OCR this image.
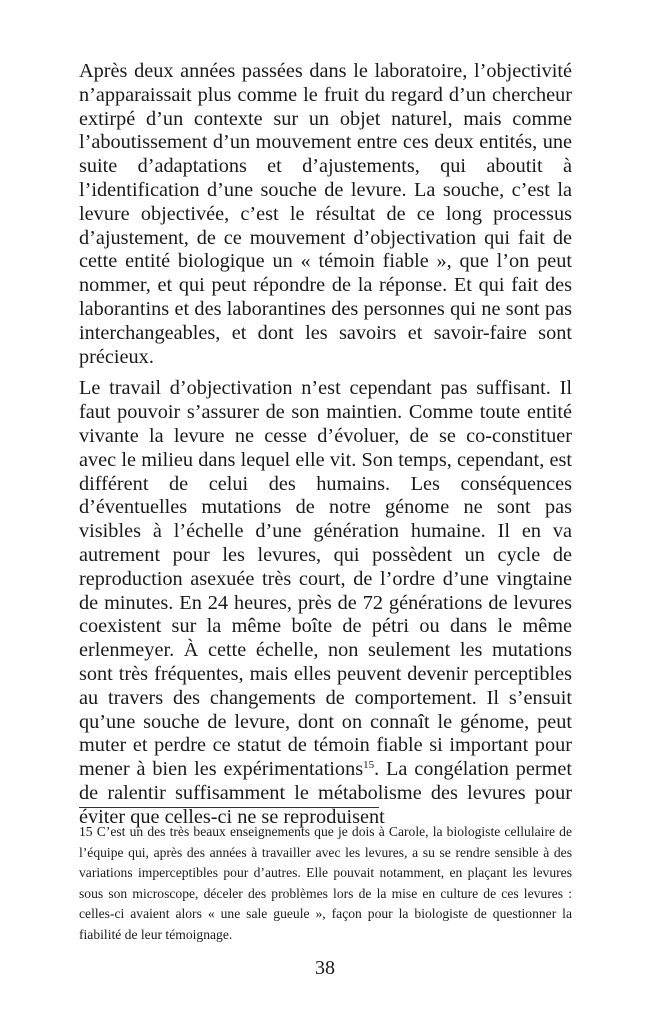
Après deux années passées dans le laboratoire, l’objectivité n’apparaissait plus comme le fruit du regard d’un chercheur extirpé d’un contexte sur un objet naturel, mais comme l’aboutissement d’un mouvement entre ces deux entités, une suite d’adaptations et d’ajustements, qui aboutit à l’identification d’une souche de levure. La souche, c’est la levure objectivée, c’est le résultat de ce long processus d’ajustement, de ce mouvement d’objectivation qui fait de cette entité biologique un « témoin fiable », que l’on peut nommer, et qui peut répondre de la réponse. Et qui fait des laborantins et des laborantines des personnes qui ne sont pas interchangeables, et dont les savoirs et savoir-faire sont précieux.

Le travail d’objectivation n’est cependant pas suffisant. Il faut pouvoir s’assurer de son maintien. Comme toute entité vivante la levure ne cesse d’évoluer, de se co-constituer avec le milieu dans lequel elle vit. Son temps, cependant, est différent de celui des humains. Les conséquences d’éventuelles mutations de notre génome ne sont pas visibles à l’échelle d’une génération humaine. Il en va autrement pour les levures, qui possèdent un cycle de reproduction asexuée très court, de l’ordre d’une vingtaine de minutes. En 24 heures, près de 72 générations de levures coexistent sur la même boîte de pétri ou dans le même erlenmeyer. À cette échelle, non seulement les mutations sont très fréquentes, mais elles peuvent devenir perceptibles au travers des changements de comportement. Il s’ensuit qu’une souche de levure, dont on connaît le génome, peut muter et perdre ce statut de témoin fiable si important pour mener à bien les expérimentations$^{15}$. La congélation permet de ralentir suffisamment le métabolisme des levures pour éviter que celles-ci ne se reproduisent

15 C’est un des très beaux enseignements que je dois à Carole, la biologiste cellulaire de l’équipe qui, après des années à travailler avec les levures, a su se rendre sensible à des variations imperceptibles pour d’autres. Elle pouvait notamment, en plaçant les levures sous son microscope, déceler des problèmes lors de la mise en culture de ces levures : celles-ci avaient alors « une sale gueule », façon pour la biologiste de questionner la fiabilité de leur témoignage.

38
